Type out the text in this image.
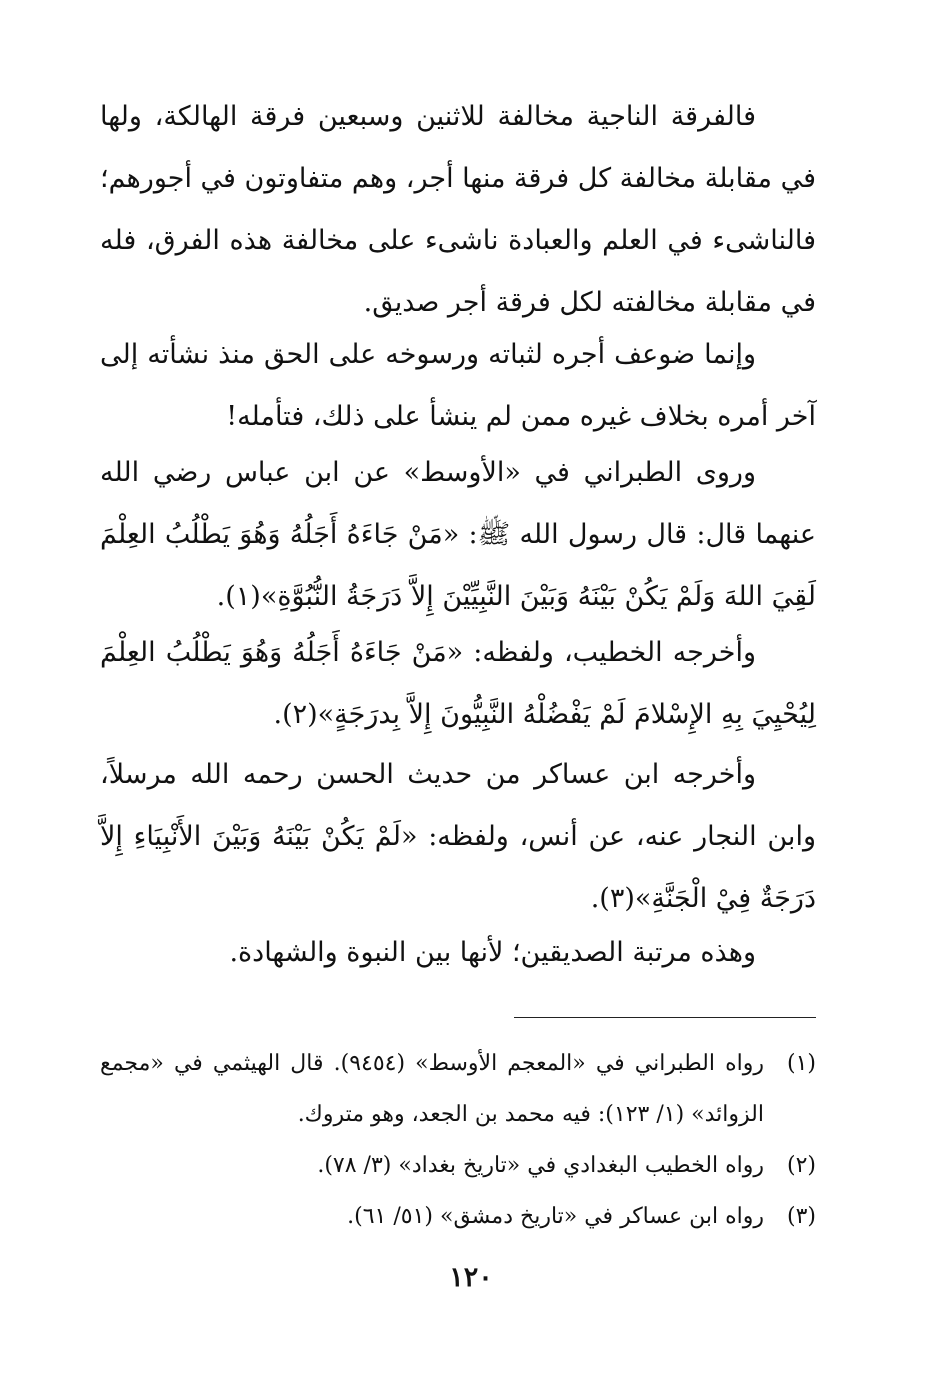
فالفرقة الناجية مخالفة للاثنين وسبعين فرقة الهالكة، ولها في مقابلة مخالفة كل فرقة منها أجر، وهم متفاوتون في أجورهم؛ فالناشىء في العلم والعبادة ناشىء على مخالفة هذه الفرق، فله في مقابلة مخالفته لكل فرقة أجر صديق.

وإنما ضوعف أجره لثباته ورسوخه على الحق منذ نشأته إلى آخر أمره بخلاف غيره ممن لم ينشأ على ذلك، فتأمله!

وروى الطبراني في «الأوسط» عن ابن عباس رضي الله عنهما قال: قال رسول الله ﷺ: «مَنْ جَاءَهُ أَجَلُهُ وَهُوَ يَطْلُبُ العِلْمَ لَقِيَ اللهَ وَلَمْ يَكُنْ بَيْنَهُ وَبَيْنَ النَّبِيِّيْنَ إِلاَّ دَرَجَةُ النُّبُوَّةِ»(١).

وأخرجه الخطيب، ولفظه: «مَنْ جَاءَهُ أَجَلُهُ وَهُوَ يَطْلُبُ العِلْمَ لِيُحْيِيَ بِهِ الإِسْلامَ لَمْ يَفْضُلْهُ النَّبِيُّونَ إِلاَّ بِدرَجَةٍ»(٢).

وأخرجه ابن عساكر من حديث الحسن رحمه الله مرسلاً، وابن النجار عنه، عن أنس، ولفظه: «لَمْ يَكُنْ بَيْنَهُ وَبَيْنَ الأَنْبِيَاءِ إِلاَّ دَرَجَةٌ فِيْ الْجَنَّةِ»(٣).

وهذه مرتبة الصديقين؛ لأنها بين النبوة والشهادة.

(١)
رواه الطبراني في «المعجم الأوسط» (٩٤٥٤). قال الهيثمي في «مجمع الزوائد» (١/ ١٢٣): فيه محمد بن الجعد، وهو متروك.
(٢)
رواه الخطيب البغدادي في «تاريخ بغداد» (٣/ ٧٨).
(٣)
رواه ابن عساكر في «تاريخ دمشق» (٥١/ ٦١).
١٢٠
